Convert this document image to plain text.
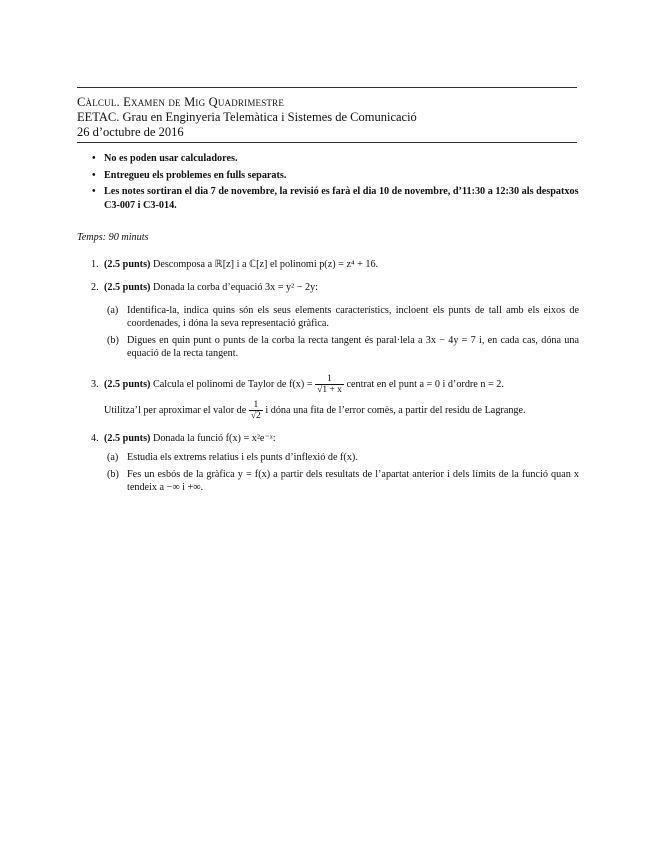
Càlcul. Examen de Mig Quadrimestre
EETAC. Grau en Enginyeria Telemàtica i Sistemes de Comunicació
26 d’octubre de 2016
• No es poden usar calculadores.
• Entregueu els problemes en fulls separats.
• Les notes sortiran el dia 7 de novembre, la revisió es farà el dia 10 de novembre, d’11:30 a 12:30 als despatxos C3-007 i C3-014.
Temps: 90 minuts
1. (2.5 punts) Descomposa a ℝ[z] i a ℂ[z] el polinomi p(z) = z⁴ + 16.
2. (2.5 punts) Donada la corba d’equació 3x = y² − 2y:
(a) Identifica-la, indica quins són els seus elements característics, incloent els punts de tall amb els eixos de coordenades, i dóna la seva representació gràfica.
(b) Digues en quin punt o punts de la corba la recta tangent és paral·lela a 3x − 4y = 7 i, en cada cas, dóna una equació de la recta tangent.
3. (2.5 punts) Calcula el polinomi de Taylor de $f(x) = \frac{1}{√1 + x}$ centrat en el punt a = 0 i d’ordre n = 2.
Utilitza’l per aproximar el valor de $\frac{1}{√2}$ i dóna una fita de l’error comès, a partir del residu de Lagrange.
4. (2.5 punts) Donada la funció f(x) = x²e⁻ˣ:
(a) Estudia els extrems relatius i els punts d’inflexió de f(x).
(b) Fes un esbós de la gràfica y = f(x) a partir dels resultats de l’apartat anterior i dels límits de la funció quan x tendeix a −∞ i +∞.
